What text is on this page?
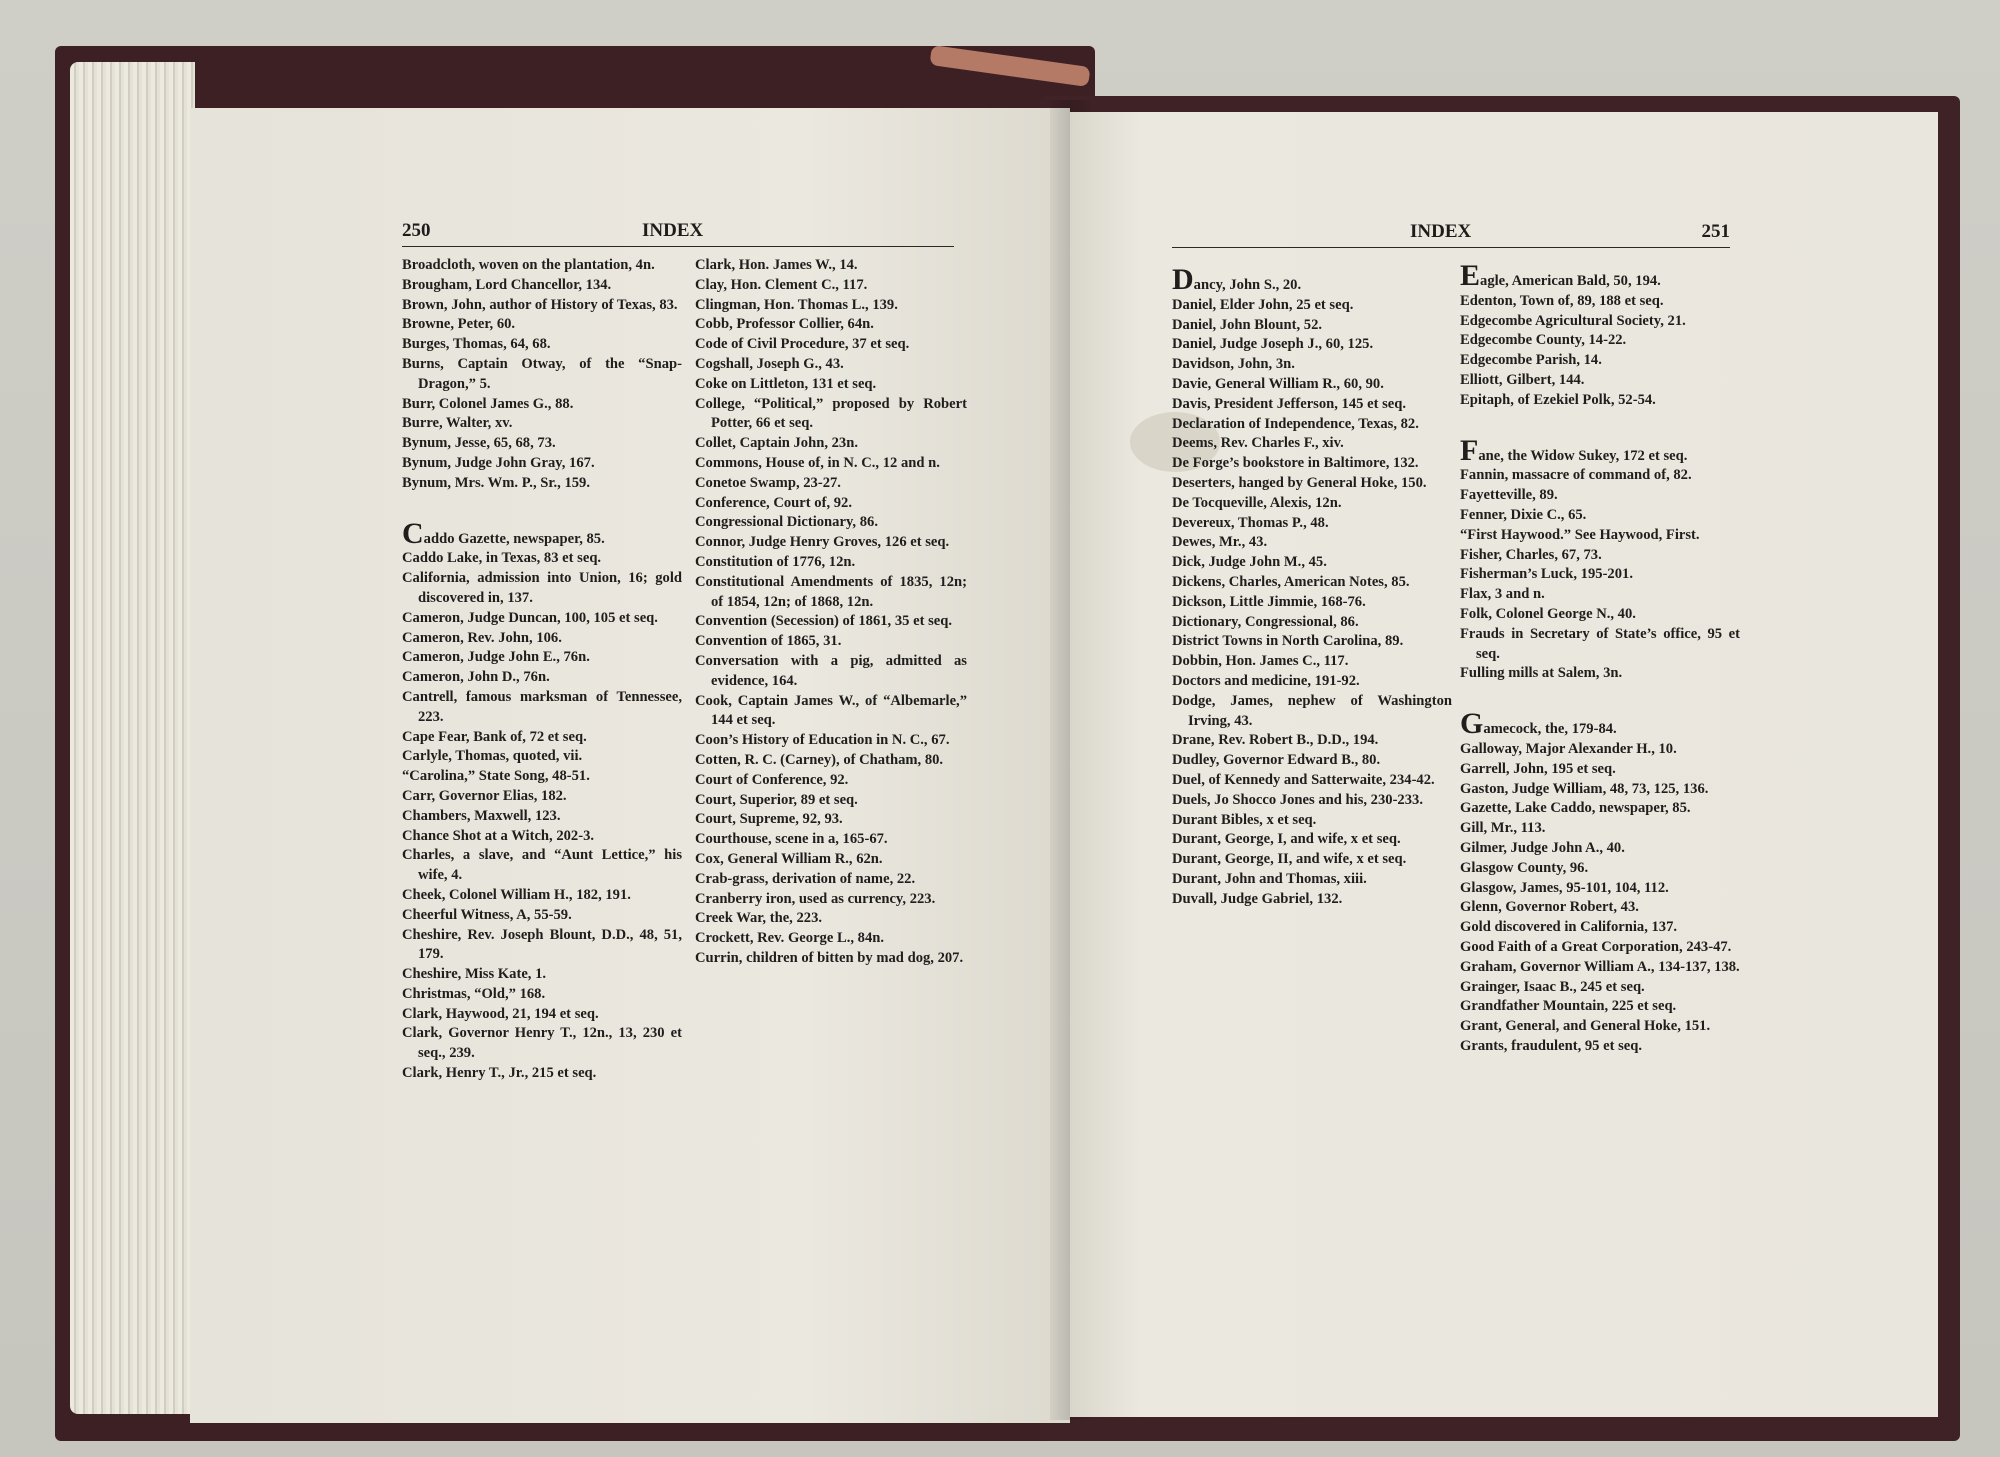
250	INDEX
Broadcloth, woven on the plantation, 4n.
Brougham, Lord Chancellor, 134.
Brown, John, author of History of Texas, 83.
Browne, Peter, 60.
Burges, Thomas, 64, 68.
Burns, Captain Otway, of the “Snap-Dragon,” 5.
Burr, Colonel James G., 88.
Burre, Walter, xv.
Bynum, Jesse, 65, 68, 73.
Bynum, Judge John Gray, 167.
Bynum, Mrs. Wm. P., Sr., 159.
Caddo Gazette, newspaper, 85.
Caddo Lake, in Texas, 83 et seq.
California, admission into Union, 16; gold discovered in, 137.
Cameron, Judge Duncan, 100, 105 et seq.
Cameron, Rev. John, 106.
Cameron, Judge John E., 76n.
Cameron, John D., 76n.
Cantrell, famous marksman of Tennessee, 223.
Cape Fear, Bank of, 72 et seq.
Carlyle, Thomas, quoted, vii.
“Carolina,” State Song, 48-51.
Carr, Governor Elias, 182.
Chambers, Maxwell, 123.
Chance Shot at a Witch, 202-3.
Charles, a slave, and “Aunt Lettice,” his wife, 4.
Cheek, Colonel William H., 182, 191.
Cheerful Witness, A, 55-59.
Cheshire, Rev. Joseph Blount, D.D., 48, 51, 179.
Cheshire, Miss Kate, 1.
Christmas, “Old,” 168.
Clark, Haywood, 21, 194 et seq.
Clark, Governor Henry T., 12n., 13, 230 et seq., 239.
Clark, Henry T., Jr., 215 et seq.
Clark, Hon. James W., 14.
Clay, Hon. Clement C., 117.
Clingman, Hon. Thomas L., 139.
Cobb, Professor Collier, 64n.
Code of Civil Procedure, 37 et seq.
Cogshall, Joseph G., 43.
Coke on Littleton, 131 et seq.
College, “Political,” proposed by Robert Potter, 66 et seq.
Collet, Captain John, 23n.
Commons, House of, in N. C., 12 and n.
Conetoe Swamp, 23-27.
Conference, Court of, 92.
Congressional Dictionary, 86.
Connor, Judge Henry Groves, 126 et seq.
Constitution of 1776, 12n.
Constitutional Amendments of 1835, 12n; of 1854, 12n; of 1868, 12n.
Convention (Secession) of 1861, 35 et seq.
Convention of 1865, 31.
Conversation with a pig, admitted as evidence, 164.
Cook, Captain James W., of “Albemarle,” 144 et seq.
Coon’s History of Education in N. C., 67.
Cotten, R. C. (Carney), of Chatham, 80.
Court of Conference, 92.
Court, Superior, 89 et seq.
Court, Supreme, 92, 93.
Courthouse, scene in a, 165-67.
Cox, General William R., 62n.
Crab-grass, derivation of name, 22.
Cranberry iron, used as currency, 223.
Creek War, the, 223.
Crockett, Rev. George L., 84n.
Currin, children of bitten by mad dog, 207.
INDEX	251
Dancy, John S., 20.
Daniel, Elder John, 25 et seq.
Daniel, John Blount, 52.
Daniel, Judge Joseph J., 60, 125.
Davidson, John, 3n.
Davie, General William R., 60, 90.
Davis, President Jefferson, 145 et seq.
Declaration of Independence, Texas, 82.
Deems, Rev. Charles F., xiv.
De Forge’s bookstore in Baltimore, 132.
Deserters, hanged by General Hoke, 150.
De Tocqueville, Alexis, 12n.
Devereux, Thomas P., 48.
Dewes, Mr., 43.
Dick, Judge John M., 45.
Dickens, Charles, American Notes, 85.
Dickson, Little Jimmie, 168-76.
Dictionary, Congressional, 86.
District Towns in North Carolina, 89.
Dobbin, Hon. James C., 117.
Doctors and medicine, 191-92.
Dodge, James, nephew of Washington Irving, 43.
Drane, Rev. Robert B., D.D., 194.
Dudley, Governor Edward B., 80.
Duel, of Kennedy and Satterwaite, 234-42.
Duels, Jo Shocco Jones and his, 230-233.
Durant Bibles, x et seq.
Durant, George, I, and wife, x et seq.
Durant, George, II, and wife, x et seq.
Durant, John and Thomas, xiii.
Duvall, Judge Gabriel, 132.
Eagle, American Bald, 50, 194.
Edenton, Town of, 89, 188 et seq.
Edgecombe Agricultural Society, 21.
Edgecombe County, 14-22.
Edgecombe Parish, 14.
Elliott, Gilbert, 144.
Epitaph, of Ezekiel Polk, 52-54.
Fane, the Widow Sukey, 172 et seq.
Fannin, massacre of command of, 82.
Fayetteville, 89.
Fenner, Dixie C., 65.
“First Haywood.” See Haywood, First.
Fisher, Charles, 67, 73.
Fisherman’s Luck, 195-201.
Flax, 3 and n.
Folk, Colonel George N., 40.
Frauds in Secretary of State’s office, 95 et seq.
Fulling mills at Salem, 3n.
Gamecock, the, 179-84.
Galloway, Major Alexander H., 10.
Garrell, John, 195 et seq.
Gaston, Judge William, 48, 73, 125, 136.
Gazette, Lake Caddo, newspaper, 85.
Gill, Mr., 113.
Gilmer, Judge John A., 40.
Glasgow County, 96.
Glasgow, James, 95-101, 104, 112.
Glenn, Governor Robert, 43.
Gold discovered in California, 137.
Good Faith of a Great Corporation, 243-47.
Graham, Governor William A., 134-137, 138.
Grainger, Isaac B., 245 et seq.
Grandfather Mountain, 225 et seq.
Grant, General, and General Hoke, 151.
Grants, fraudulent, 95 et seq.
